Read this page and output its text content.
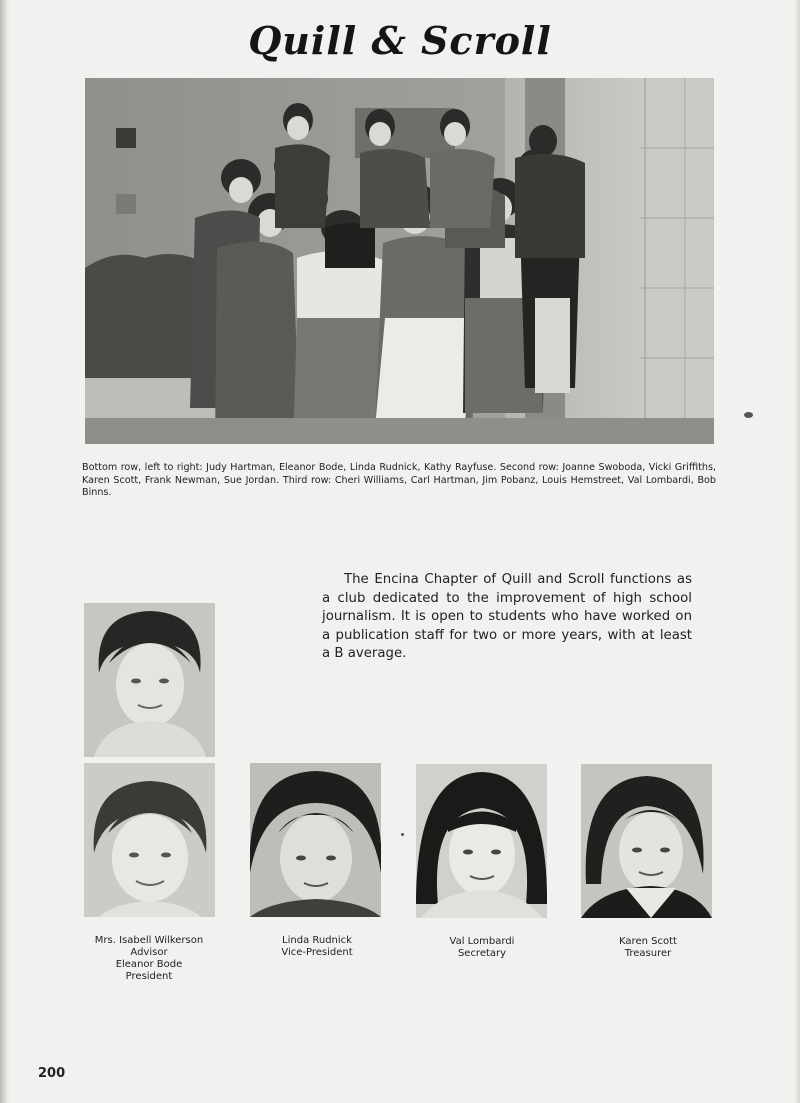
Quill & Scroll
Bottom row, left to right: Judy Hartman, Eleanor Bode, Linda Rudnick, Kathy Rayfuse. Second row: Joanne Swoboda, Vicki Griffiths, Karen Scott, Frank Newman, Sue Jordan. Third row: Cheri Williams, Carl Hartman, Jim Pobanz, Louis Hemstreet, Val Lombardi, Bob Binns.
The Encina Chapter of Quill and Scroll functions as a club dedicated to the improvement of high school journalism. It is open to students who have worked on a publication staff for two or more years, with at least a B average.
Mrs. Isabell Wilkerson
Advisor
Eleanor Bode
President
Linda Rudnick
Vice-President
Val Lombardi
Secretary
Karen Scott
Treasurer
200
